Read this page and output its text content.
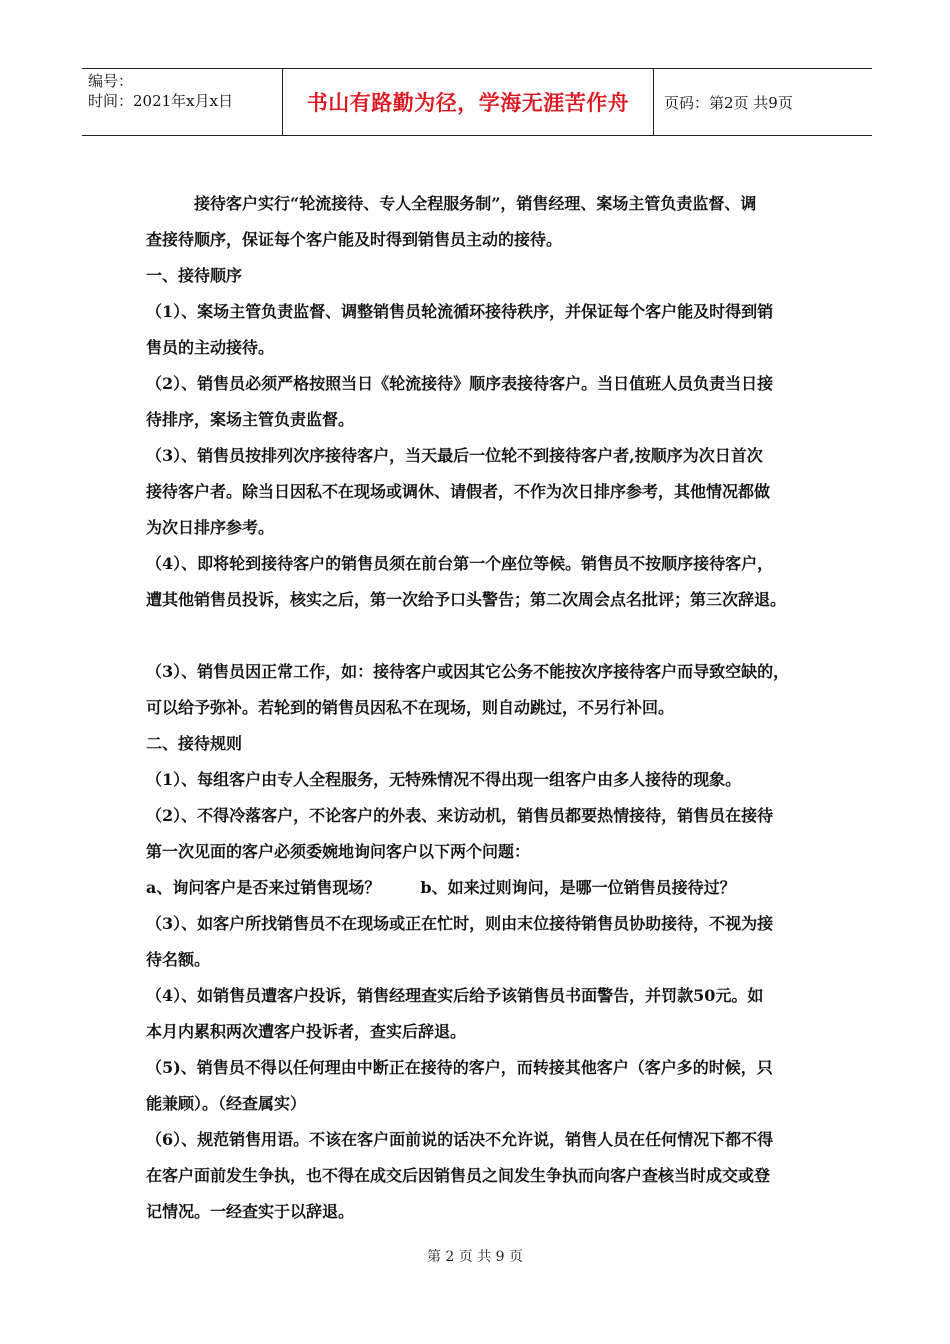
编号：
时间：2021年x月x日	书山有路勤为径，学海无涯苦作舟	页码：第2页 共9页

接待客户实行“轮流接待、专人全程服务制”，销售经理、案场主管负责监督、调

查接待顺序，保证每个客户能及时得到销售员主动的接待。

一、接待顺序

（1）、案场主管负责监督、调整销售员轮流循环接待秩序，并保证每个客户能及时得到销

售员的主动接待。

（2）、销售员必须严格按照当日《轮流接待》顺序表接待客户。当日值班人员负责当日接

待排序，案场主管负责监督。

（3）、销售员按排列次序接待客户，当天最后一位轮不到接待客户者,按顺序为次日首次

接待客户者。除当日因私不在现场或调休、请假者，不作为次日排序参考，其他情况都做

为次日排序参考。

（4）、即将轮到接待客户的销售员须在前台第一个座位等候。销售员不按顺序接待客户，

遭其他销售员投诉，核实之后，第一次给予口头警告；第二次周会点名批评；第三次辞退。

（3）、销售员因正常工作，如：接待客户或因其它公务不能按次序接待客户而导致空缺的，

可以给予弥补。若轮到的销售员因私不在现场，则自动跳过，不另行补回。

二、接待规则

（1）、每组客户由专人全程服务，无特殊情况不得出现一组客户由多人接待的现象。

（2）、不得冷落客户，不论客户的外表、来访动机，销售员都要热情接待，销售员在接待

第一次见面的客户必须委婉地询问客户以下两个问题：

a、询问客户是否来过销售现场？	b、如来过则询问，是哪一位销售员接待过？

（3）、如客户所找销售员不在现场或正在忙时，则由末位接待销售员协助接待，不视为接

待名额。

（4）、如销售员遭客户投诉，销售经理查实后给予该销售员书面警告，并罚款50元。如

本月内累积两次遭客户投诉者，查实后辞退。

（5)、销售员不得以任何理由中断正在接待的客户，而转接其他客户（客户多的时候，只

能兼顾）。（经查属实）

（6）、规范销售用语。不该在客户面前说的话决不允许说，销售人员在任何情况下都不得

在客户面前发生争执，也不得在成交后因销售员之间发生争执而向客户查核当时成交或登

记情况。一经查实于以辞退。

第 2 页 共 9 页
